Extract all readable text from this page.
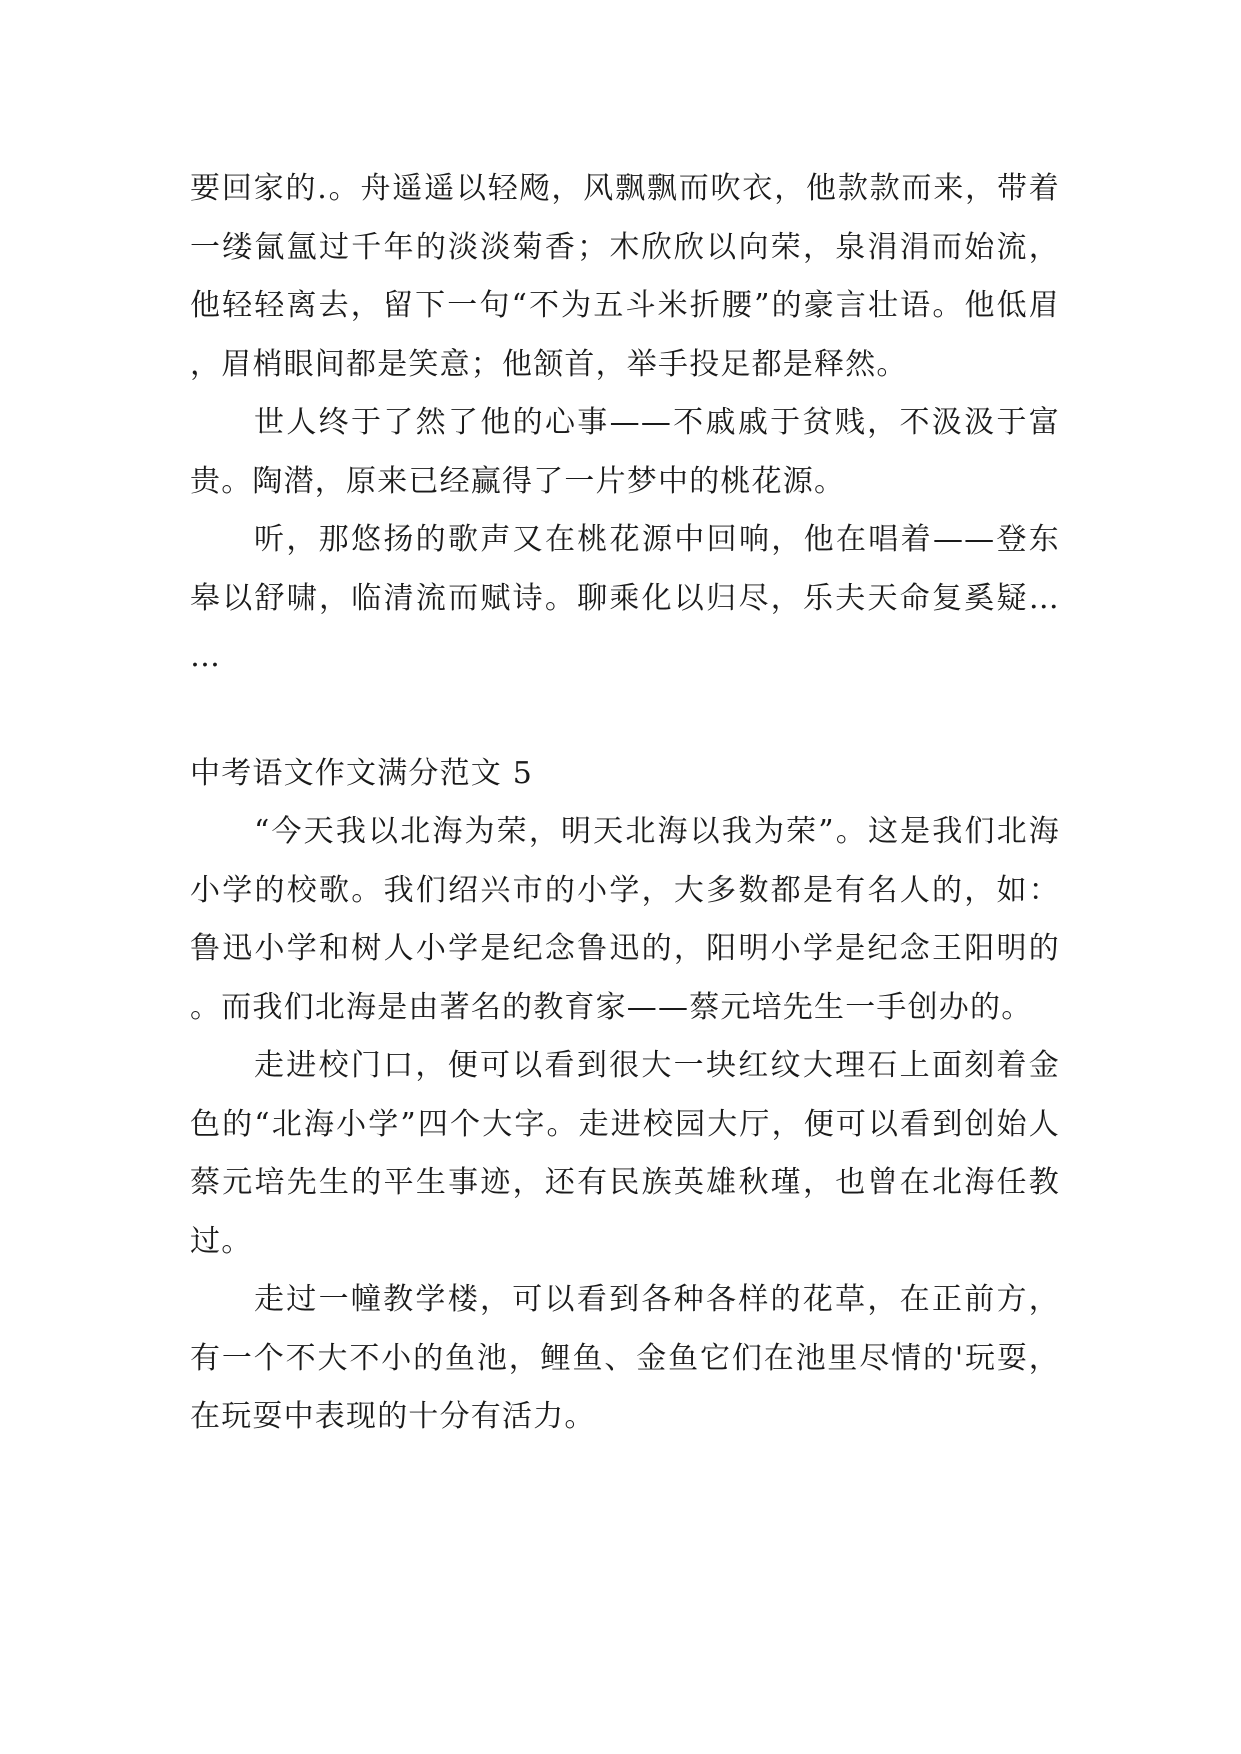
要回家的.。舟遥遥以轻飏，风飘飘而吹衣，他款款而来，带着一缕氤氲过千年的淡淡菊香；木欣欣以向荣，泉涓涓而始流，他轻轻离去，留下一句“不为五斗米折腰”的豪言壮语。他低眉，眉梢眼间都是笑意；他颔首，举手投足都是释然。

世人终于了然了他的心事——不戚戚于贫贱，不汲汲于富贵。陶潜，原来已经赢得了一片梦中的桃花源。

听，那悠扬的歌声又在桃花源中回响，他在唱着——登东皋以舒啸，临清流而赋诗。聊乘化以归尽，乐夫天命复奚疑……

中考语文作文满分范文 5

“今天我以北海为荣，明天北海以我为荣”。这是我们北海小学的校歌。我们绍兴市的小学，大多数都是有名人的，如：鲁迅小学和树人小学是纪念鲁迅的，阳明小学是纪念王阳明的。而我们北海是由著名的教育家——蔡元培先生一手创办的。

走进校门口，便可以看到很大一块红纹大理石上面刻着金色的“北海小学”四个大字。走进校园大厅，便可以看到创始人蔡元培先生的平生事迹，还有民族英雄秋瑾，也曾在北海任教过。

走过一幢教学楼，可以看到各种各样的花草，在正前方，有一个不大不小的鱼池，鲤鱼、金鱼它们在池里尽情的'玩耍，在玩耍中表现的十分有活力。
